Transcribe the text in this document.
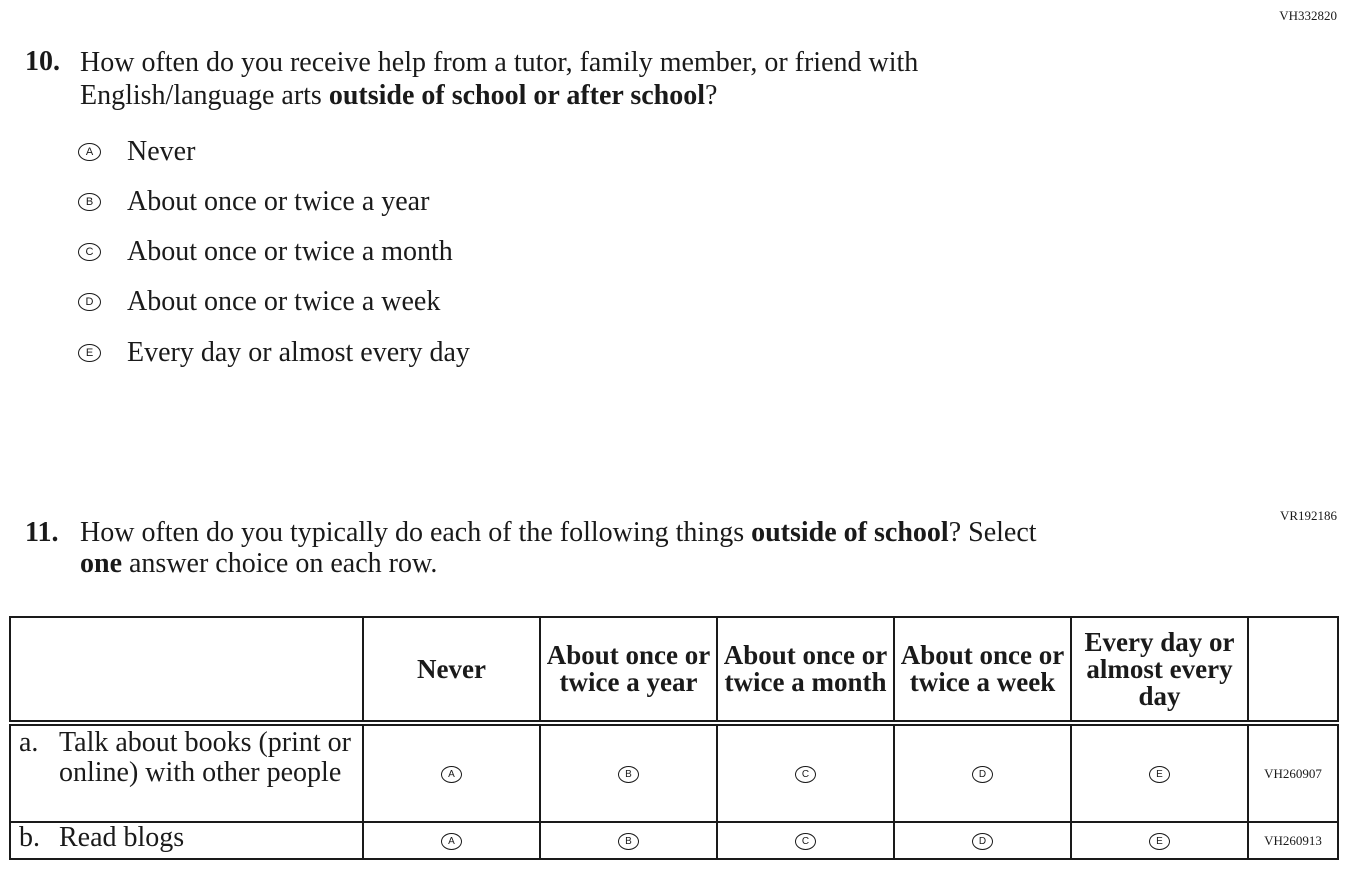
VH332820
10. How often do you receive help from a tutor, family member, or friend with
English/language arts outside of school or after school?
A Never
B About once or twice a year
C About once or twice a month
D About once or twice a week
E Every day or almost every day
VR192186
11. How often do you typically do each of the following things outside of school? Select
one answer choice on each row.
	Never	About once or twice a year	About once or twice a month	About once or twice a week	Every day or almost every day	

a. Talk about books (print or online) with other people	A	B	C	D	E	VH260907

b. Read blogs	A	B	C	D	E	VH260913
